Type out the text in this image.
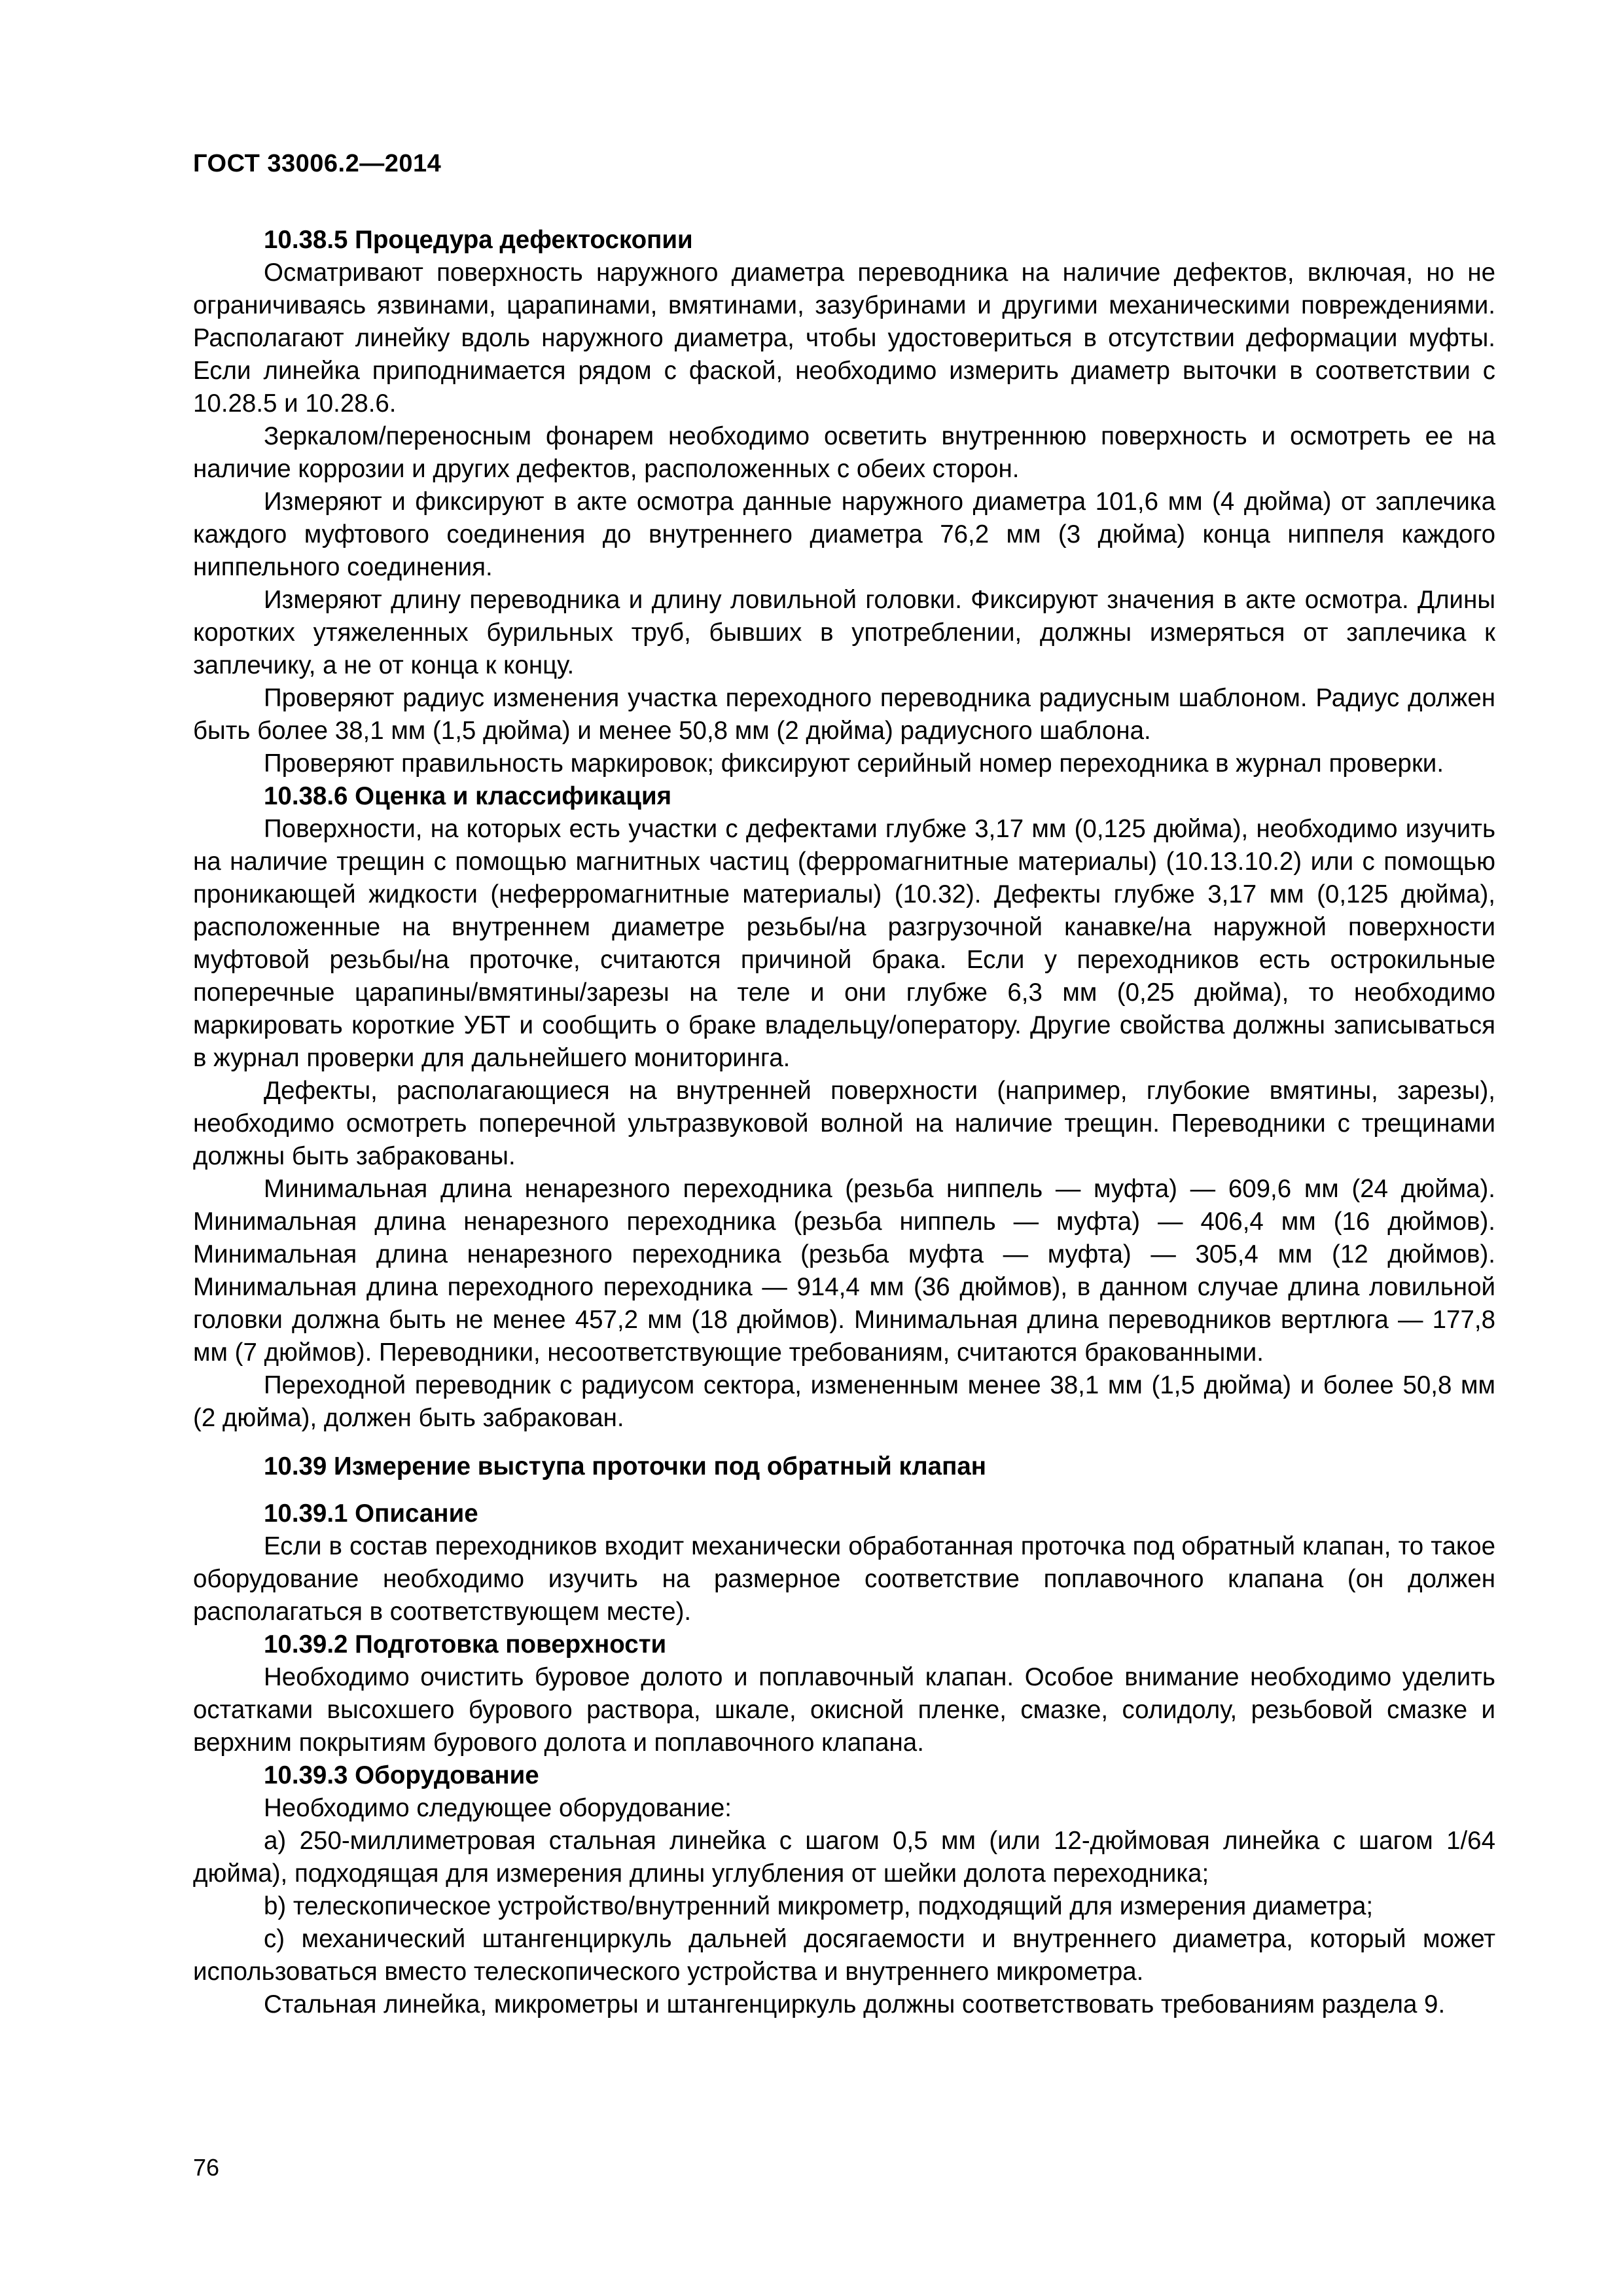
ГОСТ 33006.2—2014

10.38.5 Процедура дефектоскопии

Осматривают поверхность наружного диаметра переводника на наличие дефектов, включая, но не ограничиваясь язвинами, царапинами, вмятинами, зазубринами и другими механическими повреждениями. Располагают линейку вдоль наружного диаметра, чтобы удостовериться в отсутствии деформации муфты. Если линейка приподнимается рядом с фаской, необходимо измерить диаметр выточки в соответствии с 10.28.5 и 10.28.6.

Зеркалом/переносным фонарем необходимо осветить внутреннюю поверхность и осмотреть ее на наличие коррозии и других дефектов, расположенных с обеих сторон.

Измеряют и фиксируют в акте осмотра данные наружного диаметра 101,6 мм (4 дюйма) от заплечика каждого муфтового соединения до внутреннего диаметра 76,2 мм (3 дюйма) конца ниппеля каждого ниппельного соединения.

Измеряют длину переводника и длину ловильной головки. Фиксируют значения в акте осмотра. Длины коротких утяжеленных бурильных труб, бывших в употреблении, должны измеряться от заплечика к заплечику, а не от конца к концу.

Проверяют радиус изменения участка переходного переводника радиусным шаблоном. Радиус должен быть более 38,1 мм (1,5 дюйма) и менее 50,8 мм (2 дюйма) радиусного шаблона.

Проверяют правильность маркировок; фиксируют серийный номер переходника в журнал проверки.

10.38.6 Оценка и классификация

Поверхности, на которых есть участки с дефектами глубже 3,17 мм (0,125 дюйма), необходимо изучить на наличие трещин с помощью магнитных частиц (ферромагнитные материалы) (10.13.10.2) или с помощью проникающей жидкости (неферромагнитные материалы) (10.32). Дефекты глубже 3,17 мм (0,125 дюйма), расположенные на внутреннем диаметре резьбы/на разгрузочной канавке/на наружной поверхности муфтовой резьбы/на проточке, считаются причиной брака. Если у переходников есть острокильные поперечные царапины/вмятины/зарезы на теле и они глубже 6,3 мм (0,25 дюйма), то необходимо маркировать короткие УБТ и сообщить о браке владельцу/оператору. Другие свойства должны записываться в журнал проверки для дальнейшего мониторинга.

Дефекты, располагающиеся на внутренней поверхности (например, глубокие вмятины, зарезы), необходимо осмотреть поперечной ультразвуковой волной на наличие трещин. Переводники с трещинами должны быть забракованы.

Минимальная длина ненарезного переходника (резьба ниппель — муфта) — 609,6 мм (24 дюйма). Минимальная длина ненарезного переходника (резьба ниппель — муфта) — 406,4 мм (16 дюймов). Минимальная длина ненарезного переходника (резьба муфта — муфта) — 305,4 мм (12 дюймов). Минимальная длина переходного переходника — 914,4 мм (36 дюймов), в данном случае длина ловильной головки должна быть не менее 457,2 мм (18 дюймов). Минимальная длина переводников вертлюга — 177,8 мм (7 дюймов). Переводники, несоответствующие требованиям, считаются бракованными.

Переходной переводник с радиусом сектора, измененным менее 38,1 мм (1,5 дюйма) и более 50,8 мм (2 дюйма), должен быть забракован.

10.39 Измерение выступа проточки под обратный клапан

10.39.1 Описание

Если в состав переходников входит механически обработанная проточка под обратный клапан, то такое оборудование необходимо изучить на размерное соответствие поплавочного клапана (он должен располагаться в соответствующем месте).

10.39.2 Подготовка поверхности

Необходимо очистить буровое долото и поплавочный клапан. Особое внимание необходимо уделить остатками высохшего бурового раствора, шкале, окисной пленке, смазке, солидолу, резьбовой смазке и верхним покрытиям бурового долота и поплавочного клапана.

10.39.3 Оборудование

Необходимо следующее оборудование:

a) 250-миллиметровая стальная линейка с шагом 0,5 мм (или 12-дюймовая линейка с шагом 1/64 дюйма), подходящая для измерения длины углубления от шейки долота переходника;

b) телескопическое устройство/внутренний микрометр, подходящий для измерения диаметра;

c) механический штангенциркуль дальней досягаемости и внутреннего диаметра, который может использоваться вместо телескопического устройства и внутреннего микрометра.

Стальная линейка, микрометры и штангенциркуль должны соответствовать требованиям раздела 9.

76
